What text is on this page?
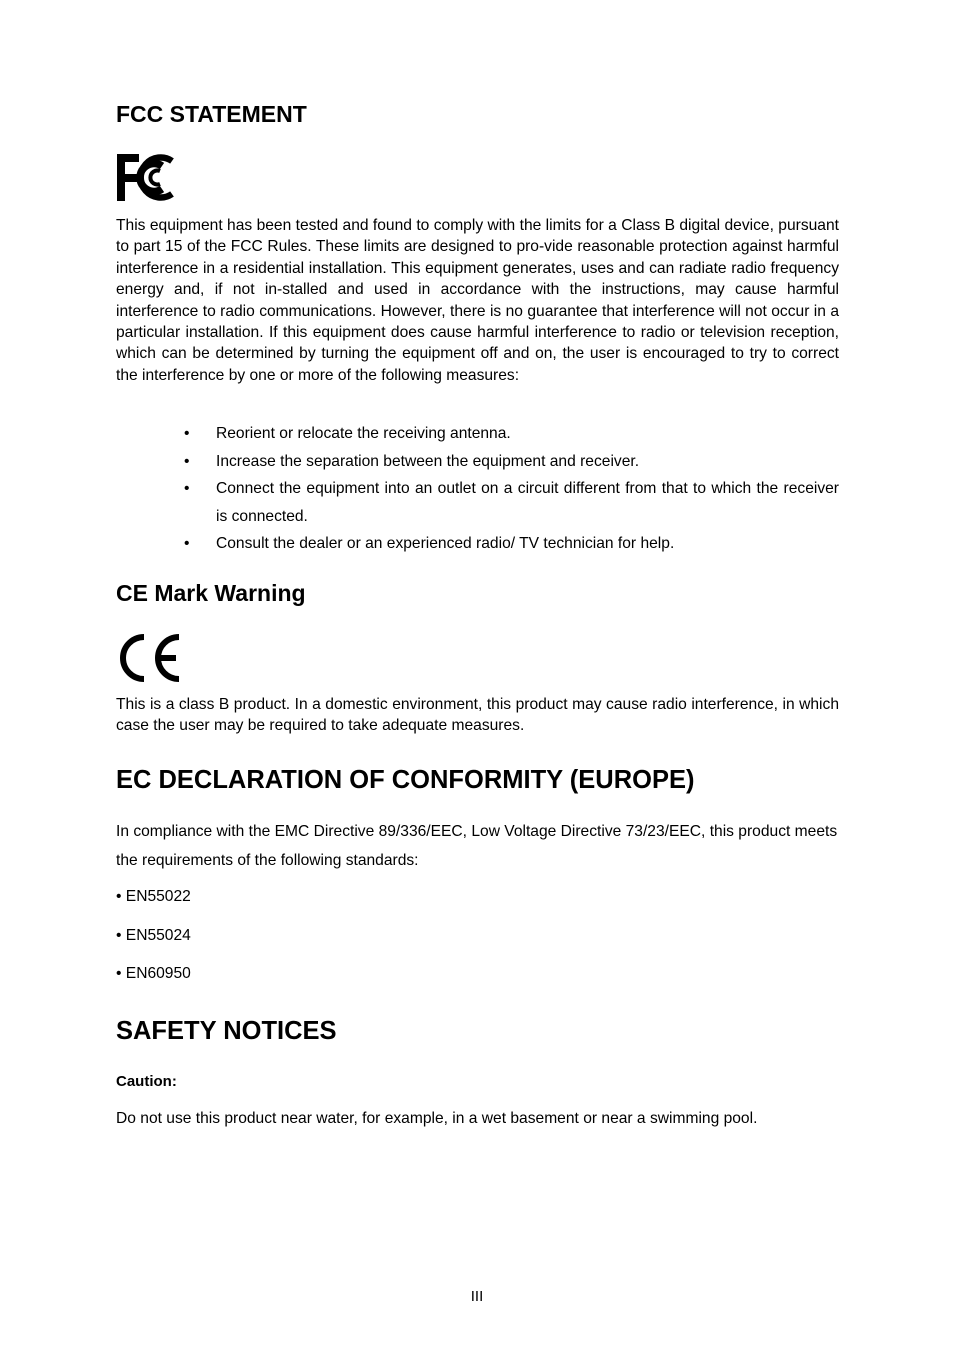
FCC STATEMENT

This equipment has been tested and found to comply with the limits for a Class B digital device, pursuant to part 15 of the FCC Rules. These limits are designed to pro-vide reasonable protection against harmful interference in a residential installation. This equipment generates, uses and can radiate radio frequency energy and, if not in-stalled and used in accordance with the instructions, may cause harmful interference to radio communications. However, there is no guarantee that interference will not occur in a particular installation. If this equipment does cause harmful interference to radio or television reception, which can be determined by turning the equipment off and on, the user is encouraged to try to correct the interference by one or more of the following measures:

• Reorient or relocate the receiving antenna.
• Increase the separation between the equipment and receiver.
• Connect the equipment into an outlet on a circuit different from that to which the receiver is connected.
• Consult the dealer or an experienced radio/ TV technician for help.
CE Mark Warning

This is a class B product. In a domestic environment, this product may cause radio interference, in which case the user may be required to take adequate measures.

EC DECLARATION OF CONFORMITY (EUROPE)

In compliance with the EMC Directive 89/336/EEC, Low Voltage Directive 73/23/EEC, this product meets the requirements of the following standards:

• EN55022

• EN55024

• EN60950

SAFETY NOTICES

Caution:

Do not use this product near water, for example, in a wet basement or near a swimming pool.

III
